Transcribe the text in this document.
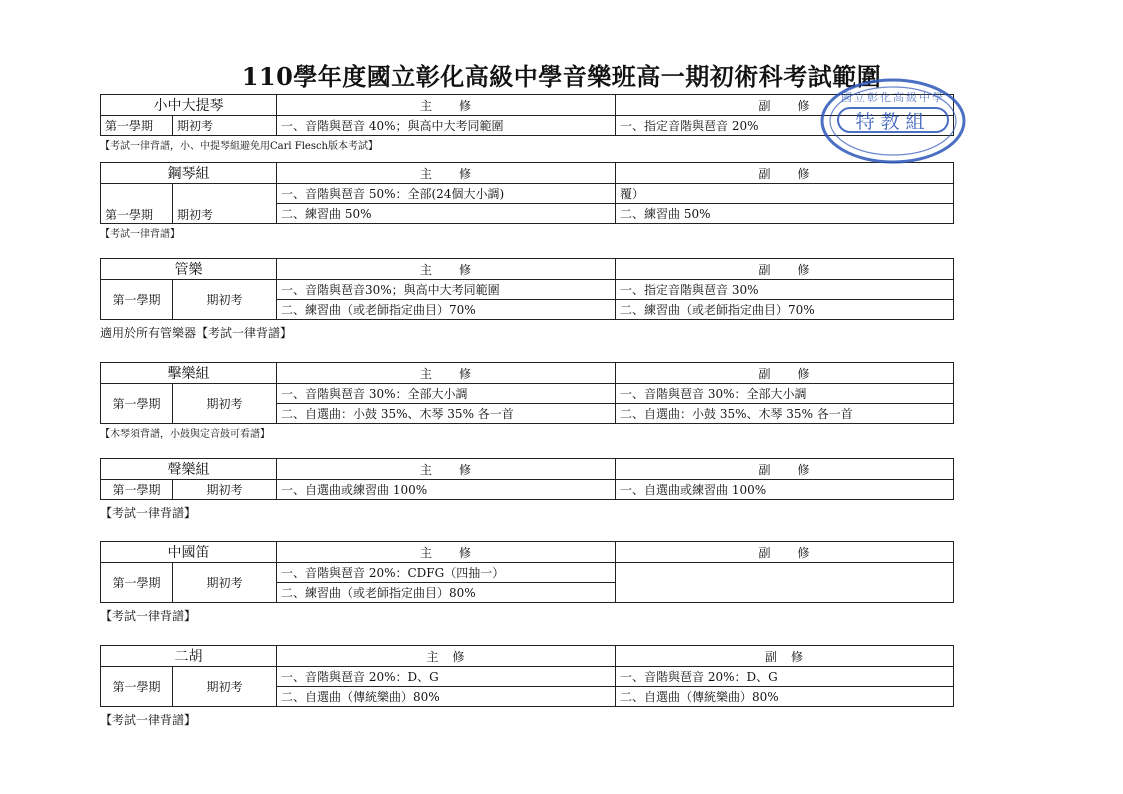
110學年度國立彰化高級中學音樂班高一期初術科考試範圍
小中大提琴		主　　修	副　　修
第一學期	期初考	一、音階與琶音 40%；與高中大考同範圍	一、指定音階與琶音 20%
【考試一律背譜，小、中提琴組避免用Carl Flesch版本考試】
鋼琴組		主　　修	副　　修
第一學期	期初考	一、音階與琶音 50%：全部(24個大小調)	覆）
		二、練習曲 50%	二、練習曲 50%
【考試一律背譜】
管樂		主　　修	副　　修
第一學期	期初考	一、音階與琶音30%；與高中大考同範圍	一、指定音階與琶音 30%
		二、練習曲（或老師指定曲目）70%	二、練習曲（或老師指定曲目）70%
適用於所有管樂器【考試一律背譜】
擊樂組		主　　修	副　　修
第一學期	期初考	一、音階與琶音 30%：全部大小調	一、音階與琶音 30%：全部大小調
		二、自選曲：小鼓 35%、木琴 35% 各一首	二、自選曲：小鼓 35%、木琴 35% 各一首
【木琴須背譜，小鼓與定音鼓可看譜】
聲樂組		主　　修	副　　修
第一學期	期初考	一、自選曲或練習曲 100%	一、自選曲或練習曲 100%
【考試一律背譜】
中國笛		主　　修	副　　修
第一學期	期初考	一、音階與琶音 20%：CDFG（四抽一）	
		二、練習曲（或老師指定曲目）80%	
【考試一律背譜】
二胡		主　修	副　修
第一學期	期初考	一、音階與琶音 20%：D、G	一、音階與琶音 20%：D、G
		二、自選曲（傳統樂曲）80%	二、自選曲（傳統樂曲）80%
【考試一律背譜】
特教組
國立彰化高級中學
